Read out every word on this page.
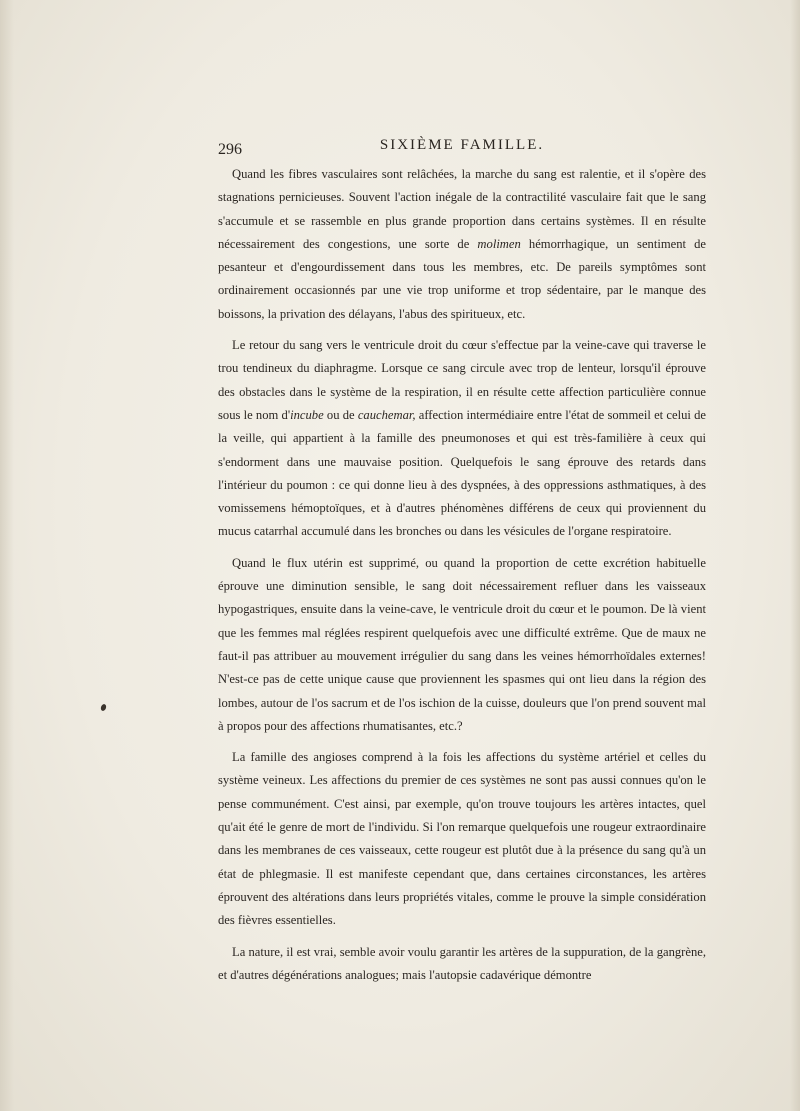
296	SIXIÈME FAMILLE.

Quand les fibres vasculaires sont relâchées, la marche du sang est ralentie, et il s'opère des stagnations pernicieuses. Souvent l'action inégale de la contractilité vasculaire fait que le sang s'accumule et se rassemble en plus grande proportion dans certains systèmes. Il en résulte nécessairement des congestions, une sorte de molimen hémorrhagique, un sentiment de pesanteur et d'engourdissement dans tous les membres, etc. De pareils symptômes sont ordinairement occasionnés par une vie trop uniforme et trop sédentaire, par le manque des boissons, la privation des délayans, l'abus des spiritueux, etc.

Le retour du sang vers le ventricule droit du cœur s'effectue par la veine-cave qui traverse le trou tendineux du diaphragme. Lorsque ce sang circule avec trop de lenteur, lorsqu'il éprouve des obstacles dans le système de la respiration, il en résulte cette affection particulière connue sous le nom d'incube ou de cauchemar, affection intermédiaire entre l'état de sommeil et celui de la veille, qui appartient à la famille des pneumonoses et qui est très-familière à ceux qui s'endorment dans une mauvaise position. Quelquefois le sang éprouve des retards dans l'intérieur du poumon : ce qui donne lieu à des dyspnées, à des oppressions asthmatiques, à des vomissemens hémoptoïques, et à d'autres phénomènes différens de ceux qui proviennent du mucus catarrhal accumulé dans les bronches ou dans les vésicules de l'organe respiratoire.

Quand le flux utérin est supprimé, ou quand la proportion de cette excrétion habituelle éprouve une diminution sensible, le sang doit nécessairement refluer dans les vaisseaux hypogastriques, ensuite dans la veine-cave, le ventricule droit du cœur et le poumon. De là vient que les femmes mal réglées respirent quelquefois avec une difficulté extrême. Que de maux ne faut-il pas attribuer au mouvement irrégulier du sang dans les veines hémorrhoïdales externes! N'est-ce pas de cette unique cause que proviennent les spasmes qui ont lieu dans la région des lombes, autour de l'os sacrum et de l'os ischion de la cuisse, douleurs que l'on prend souvent mal à propos pour des affections rhumatisantes, etc.?

La famille des angioses comprend à la fois les affections du système artériel et celles du système veineux. Les affections du premier de ces systèmes ne sont pas aussi connues qu'on le pense communément. C'est ainsi, par exemple, qu'on trouve toujours les artères intactes, quel qu'ait été le genre de mort de l'individu. Si l'on remarque quelquefois une rougeur extraordinaire dans les membranes de ces vaisseaux, cette rougeur est plutôt due à la présence du sang qu'à un état de phlegmasie. Il est manifeste cependant que, dans certaines circonstances, les artères éprouvent des altérations dans leurs propriétés vitales, comme le prouve la simple considération des fièvres essentielles.

La nature, il est vrai, semble avoir voulu garantir les artères de la suppuration, de la gangrène, et d'autres dégénérations analogues; mais l'autopsie cadavérique démontre
